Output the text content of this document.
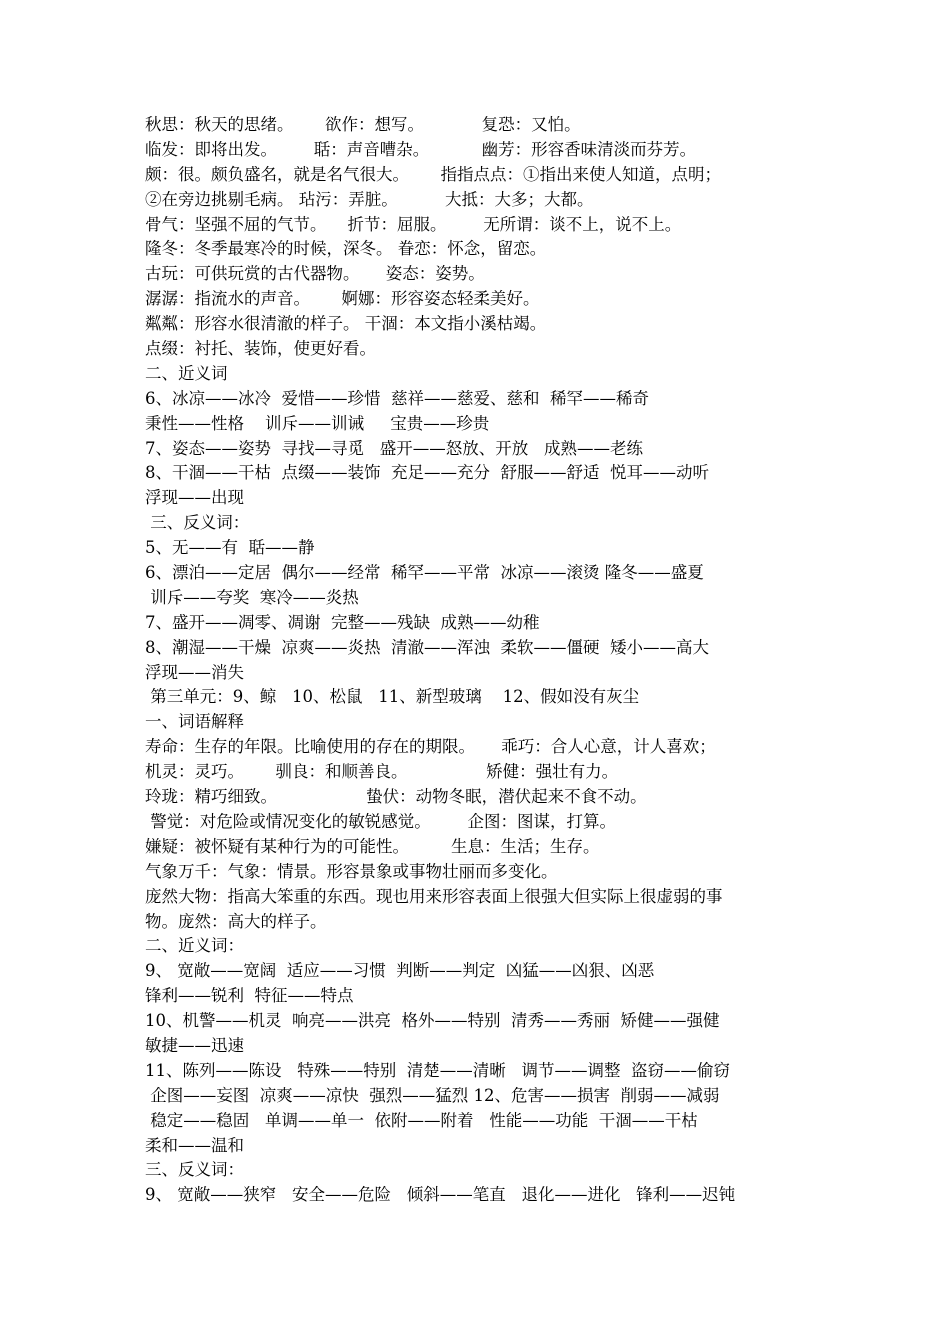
秋思：秋天的思绪。      欲作：想写。           复恐：又怕。
临发：即将出发。       聒：声音嘈杂。          幽芳：形容香味清淡而芬芳。
颇：很。颇负盛名，就是名气很大。      指指点点：①指出来使人知道，点明；
②在旁边挑剔毛病。 玷污：弄脏。         大抵：大多；大都。
骨气：坚强不屈的气节。    折节：屈服。       无所谓：谈不上，说不上。
隆冬：冬季最寒冷的时候，深冬。 眷恋：怀念，留恋。
古玩：可供玩赏的古代器物。     姿态：姿势。
潺潺：指流水的声音。      婀娜：形容姿态轻柔美好。
粼粼：形容水很清澈的样子。 干涸：本文指小溪枯竭。
点缀：衬托、装饰，使更好看。
二、近义词
6、冰凉——冰冷  爱惜——珍惜  慈祥——慈爱、慈和  稀罕——稀奇
秉性——性格    训斥——训诫     宝贵——珍贵
7、姿态——姿势  寻找—寻觅   盛开——怒放、开放   成熟——老练
8、干涸——干枯  点缀——装饰  充足——充分  舒服——舒适  悦耳——动听
浮现——出现
三、反义词：
5、无——有  聒——静
6、漂泊——定居  偶尔——经常  稀罕——平常  冰凉——滚烫 隆冬——盛夏
训斥——夸奖  寒冷——炎热
7、盛开——凋零、凋谢  完整——残缺  成熟——幼稚
8、潮湿——干燥  凉爽——炎热  清澈——浑浊  柔软——僵硬  矮小——高大
浮现——消失
第三单元：9、鲸   10、松鼠   11、新型玻璃    12、假如没有灰尘
一、词语解释
寿命：生存的年限。比喻使用的存在的期限。     乖巧：合人心意，计人喜欢；
机灵：灵巧。      驯良：和顺善良。               矫健：强壮有力。
玲珑：精巧细致。                 蛰伏：动物冬眠，潜伏起来不食不动。
警觉：对危险或情况变化的敏锐感觉。       企图：图谋，打算。
嫌疑：被怀疑有某种行为的可能性。        生息：生活；生存。
气象万千：气象：情景。形容景象或事物壮丽而多变化。
庞然大物：指高大笨重的东西。现也用来形容表面上很强大但实际上很虚弱的事
物。庞然：高大的样子。
二、近义词：
9、 宽敞——宽阔  适应——习惯  判断——判定  凶猛——凶狠、凶恶
锋利——锐利  特征——特点
10、机警——机灵  响亮——洪亮  格外——特别  清秀——秀丽  矫健——强健
敏捷——迅速
11、陈列——陈设   特殊——特别  清楚——清晰   调节——调整  盗窃——偷窃
企图——妄图  凉爽——凉快  强烈——猛烈 12、危害——损害  削弱——减弱
稳定——稳固   单调——单一  依附——附着   性能——功能  干涸——干枯
柔和——温和
三、反义词：
9、 宽敞——狭窄   安全——危险   倾斜——笔直   退化——进化   锋利——迟钝
